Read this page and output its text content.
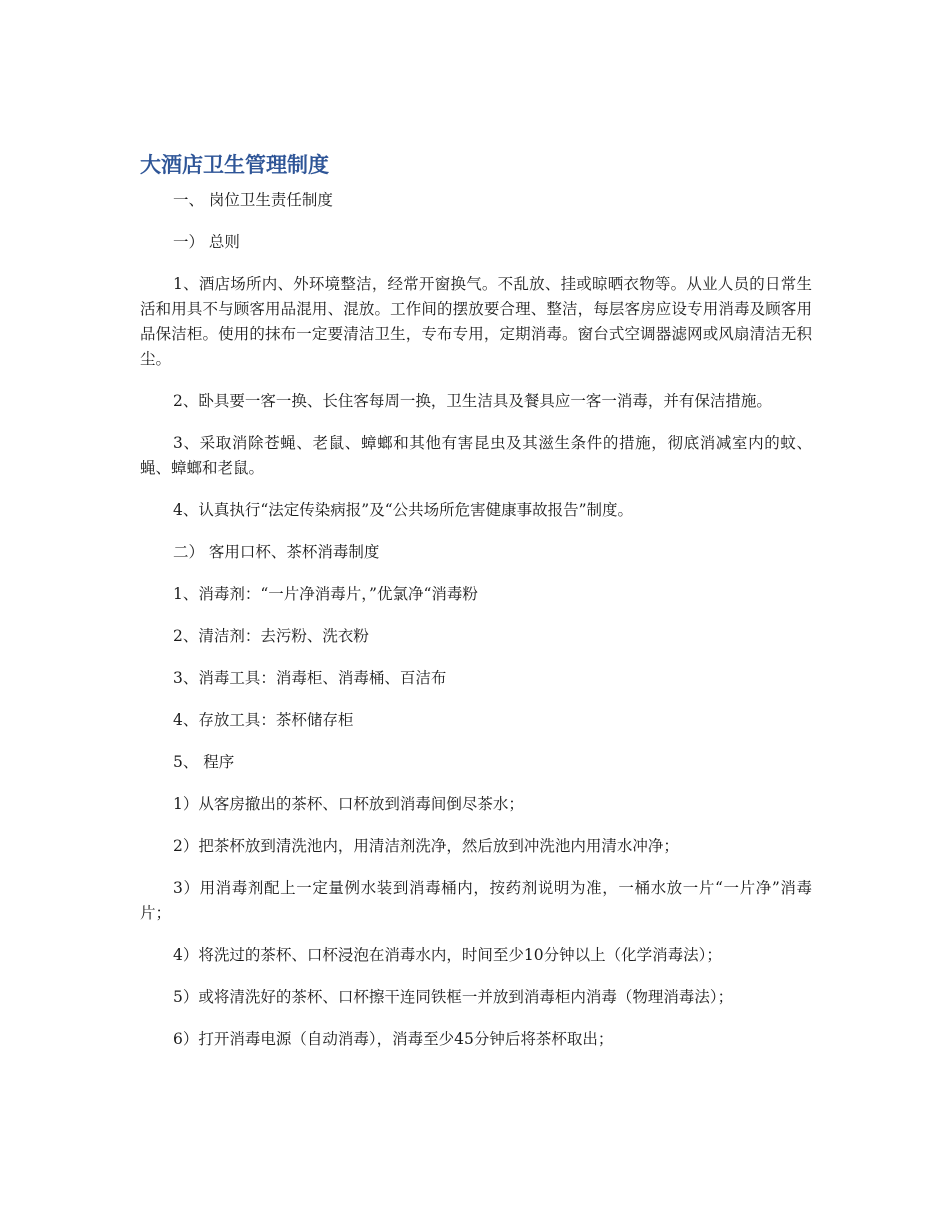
大酒店卫生管理制度

一、 岗位卫生责任制度

一） 总则

1、酒店场所内、外环境整洁，经常开窗换气。不乱放、挂或晾晒衣物等。从业人员的日常生活和用具不与顾客用品混用、混放。工作间的摆放要合理、整洁，每层客房应设专用消毒及顾客用品保洁柜。使用的抹布一定要清洁卫生，专布专用，定期消毒。窗台式空调器滤网或风扇清洁无积尘。

2、卧具要一客一换、长住客每周一换，卫生洁具及餐具应一客一消毒，并有保洁措施。

3、采取消除苍蝇、老鼠、蟑螂和其他有害昆虫及其滋生条件的措施，彻底消减室内的蚊、蝇、蟑螂和老鼠。

4、认真执行“法定传染病报”及“公共场所危害健康事故报告”制度。

二） 客用口杯、茶杯消毒制度

1、消毒剂：“一片净消毒片，”优氯净“消毒粉

2、清洁剂：去污粉、洗衣粉

3、消毒工具：消毒柜、消毒桶、百洁布

4、存放工具：茶杯储存柜

5、 程序

1）从客房撤出的茶杯、口杯放到消毒间倒尽茶水；

2）把茶杯放到清洗池内，用清洁剂洗净，然后放到冲洗池内用清水冲净；

3）用消毒剂配上一定量例水装到消毒桶内，按药剂说明为准，一桶水放一片“一片净”消毒片；

4）将洗过的茶杯、口杯浸泡在消毒水内，时间至少10分钟以上（化学消毒法）；

5）或将清洗好的茶杯、口杯擦干连同铁框一并放到消毒柜内消毒（物理消毒法）；

6）打开消毒电源（自动消毒），消毒至少45分钟后将茶杯取出；
